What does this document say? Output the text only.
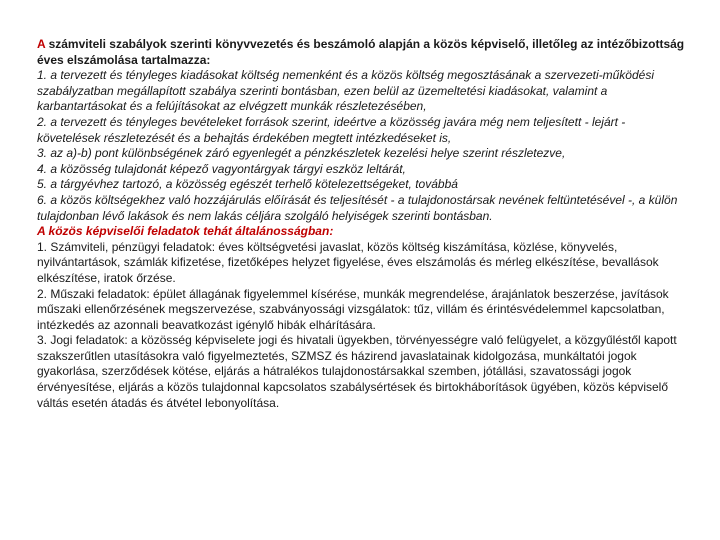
A számviteli szabályok szerinti könyvvezetés és beszámoló alapján a közös képviselő, illetőleg az intézőbizottság éves elszámolása tartalmazza:

1. a tervezett és tényleges kiadásokat költség nemenként és a közös költség megosztásának a szervezeti-működési szabályzatban megállapított szabálya szerinti bontásban, ezen belül az üzemeltetési kiadásokat, valamint a karbantartásokat és a felújításokat az elvégzett munkák részletezésében,

2. a tervezett és tényleges bevételeket források szerint, ideértve a közösség javára még nem teljesített - lejárt - követelések részletezését és a behajtás érdekében megtett intézkedéseket is,

3. az a)-b) pont különbségének záró egyenlegét a pénzkészletek kezelési helye szerint részletezve,

4. a közösség tulajdonát képező vagyontárgyak tárgyi eszköz leltárát,

5. a tárgyévhez tartozó, a közösség egészét terhelő kötelezettségeket, továbbá

6. a közös költségekhez való hozzájárulás előírását és teljesítését - a tulajdonostársak nevének feltüntetésével -, a külön tulajdonban lévő lakások és nem lakás céljára szolgáló helyiségek szerinti bontásban.

A közös képviselői feladatok tehát általánosságban:

1. Számviteli, pénzügyi feladatok: éves költségvetési javaslat, közös költség kiszámítása, közlése, könyvelés, nyilvántartások, számlák kifizetése, fizetőképes helyzet figyelése, éves elszámolás és mérleg elkészítése, bevallások elkészítése, iratok őrzése.

2. Műszaki feladatok: épület állagának figyelemmel kísérése, munkák megrendelése, árajánlatok beszerzése, javítások műszaki ellenőrzésének megszervezése, szabványossági vizsgálatok: tűz, villám és érintésvédelemmel kapcsolatban, intézkedés az azonnali beavatkozást igénylő hibák elhárítására.

3. Jogi feladatok: a közösség képviselete jogi és hivatali ügyekben, törvényességre való felügyelet, a közgyűléstől kapott szakszerűtlen utasításokra való figyelmeztetés, SZMSZ és házirend javaslatainak kidolgozása, munkáltatói jogok gyakorlása, szerződések kötése, eljárás a hátralékos tulajdonostársakkal szemben, jótállási, szavatossági jogok érvényesítése, eljárás a közös tulajdonnal kapcsolatos szabálysértések és birtokháborítások ügyében, közös képviselő váltás esetén átadás és átvétel lebonyolítása.
